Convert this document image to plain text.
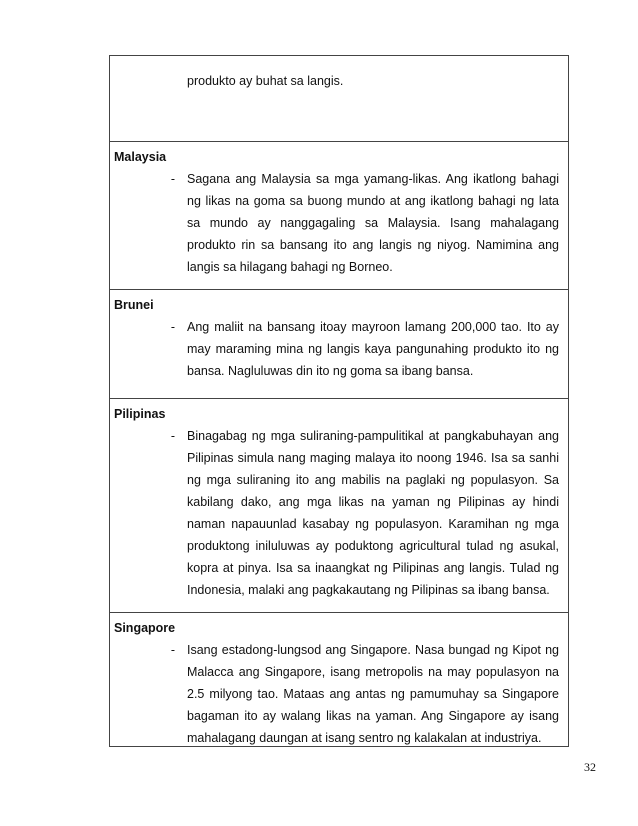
produkto ay buhat sa langis.
Malaysia
- Sagana ang Malaysia sa mga yamang-likas. Ang ikatlong bahagi ng likas na goma sa buong mundo at ang ikatlong bahagi ng lata sa mundo ay nanggagaling sa Malaysia. Isang mahalagang produkto rin sa bansang ito ang langis ng niyog. Namimina ang langis sa hilagang bahagi ng Borneo.
Brunei
- Ang maliit na bansang itoay mayroon lamang 200,000 tao. Ito ay may maraming mina ng langis kaya pangunahing produkto ito ng bansa. Nagluluwas din ito ng goma sa ibang bansa.
Pilipinas
- Binagabag ng mga suliraning-pampulitikal at pangkabuhayan ang Pilipinas simula nang maging malaya ito noong 1946. Isa sa sanhi ng mga suliraning ito ang mabilis na paglaki ng populasyon. Sa kabilang dako, ang mga likas na yaman ng Pilipinas ay hindi naman napauunlad kasabay ng populasyon. Karamihan ng mga produktong iniluluwas ay poduktong agricultural tulad ng asukal, kopra at pinya. Isa sa inaangkat ng Pilipinas ang langis. Tulad ng Indonesia, malaki ang pagkakautang ng Pilipinas sa ibang bansa.
Singapore
- Isang estadong-lungsod ang Singapore. Nasa bungad ng Kipot ng Malacca ang Singapore, isang metropolis na may populasyon na 2.5 milyong tao. Mataas ang antas ng pamumuhay sa Singapore bagaman ito ay walang likas na yaman. Ang Singapore ay isang mahalagang daungan at isang sentro ng kalakalan at industriya.
32
